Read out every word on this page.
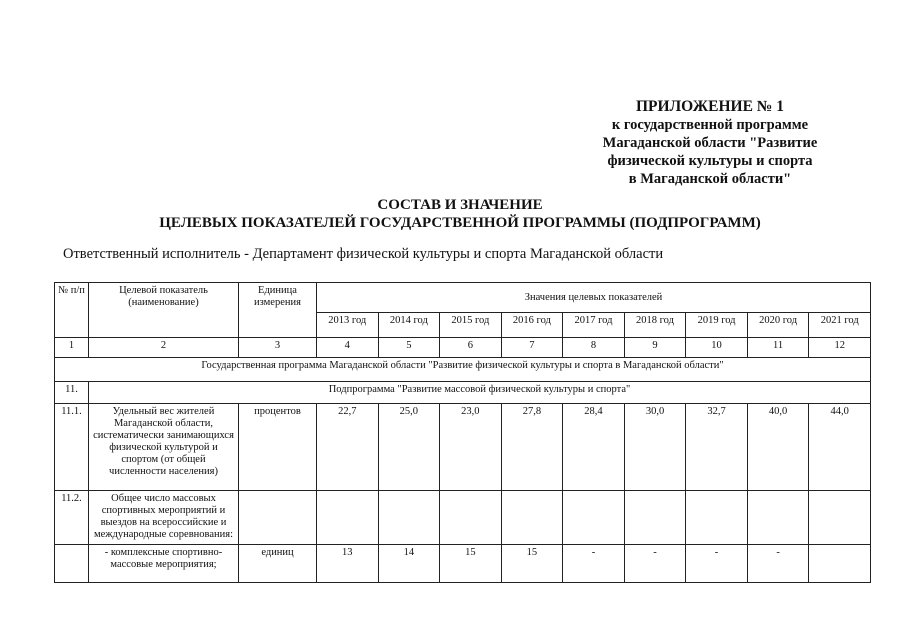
ПРИЛОЖЕНИЕ № 1
к государственной программе
Магаданской области "Развитие
физической культуры и спорта
в Магаданской области"
СОСТАВ И ЗНАЧЕНИЕ
ЦЕЛЕВЫХ ПОКАЗАТЕЛЕЙ ГОСУДАРСТВЕННОЙ ПРОГРАММЫ (ПОДПРОГРАММ)
Ответственный исполнитель - Департамент физической культуры и спорта Магаданской области
№ п/п	Целевой показатель (наименование)	Единица измерения	Значения целевых показателей								
			2013 год	2014 год	2015 год	2016 год	2017 год	2018 год	2019 год	2020 год	2021 год
1	2	3	4	5	6	7	8	9	10	11	12
Государственная программа Магаданской области "Развитие физической культуры и спорта в Магаданской области"											
11.	Подпрограмма "Развитие массовой физической культуры и спорта"										
11.1.	Удельный вес жителей Магаданской области, систематически занимающихся физической культурой и спортом (от общей численности населения)	процентов	22,7	25,0	23,0	27,8	28,4	30,0	32,7	40,0	44,0
11.2.	Общее число массовых спортивных мероприятий и выездов на всероссийские и международные соревнования:										
	- комплексные спортивно-массовые мероприятия;	единиц	13	14	15	15	-	-	-	-	
